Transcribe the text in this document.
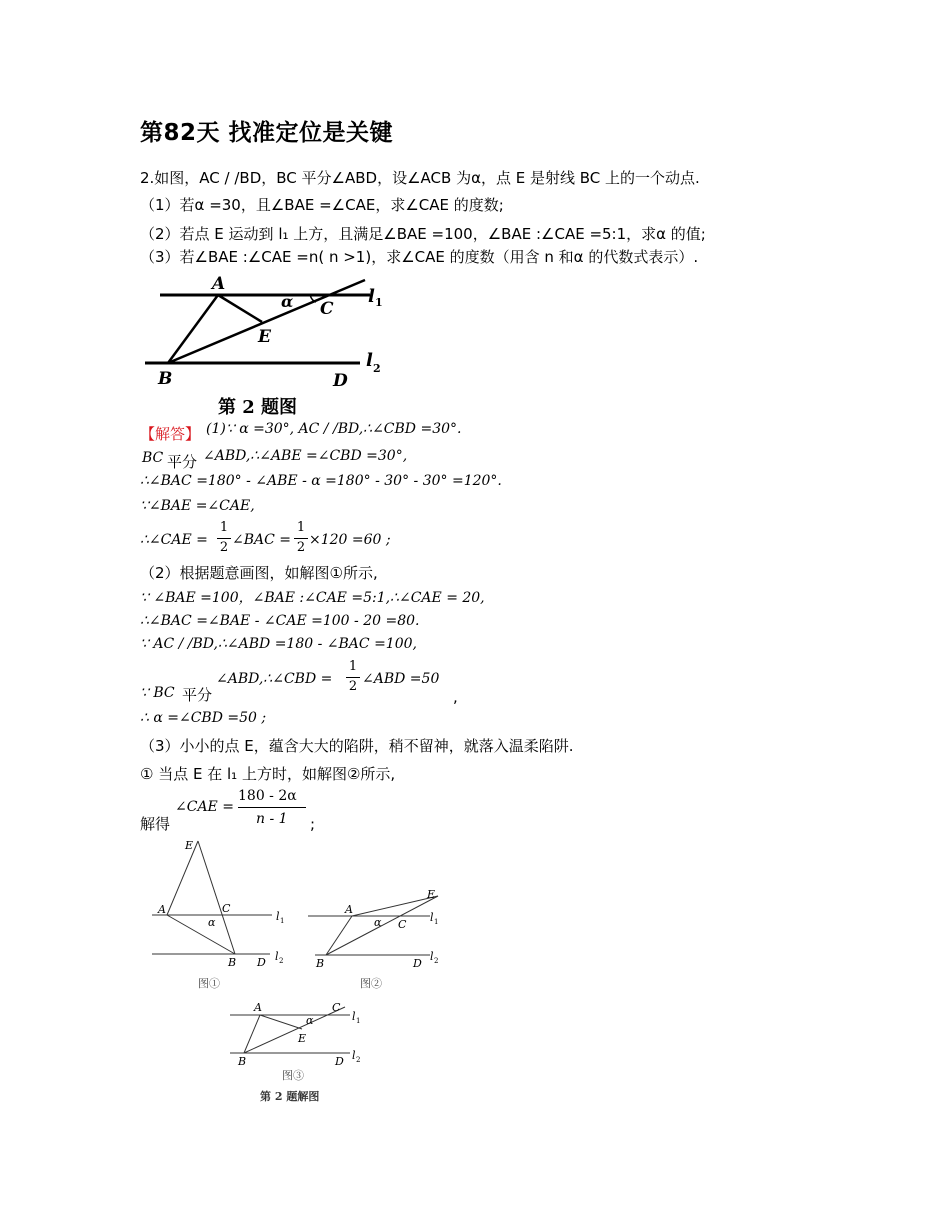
第82天 找准定位是关键
2.如图，AC / /BD，BC 平分∠ABD，设∠ACB 为α，点 E 是射线 BC 上的一个动点.
（1）若α =30，且∠BAE =∠CAE，求∠CAE 的度数;
（2）若点 E 运动到 l₁ 上方，且满足∠BAE =100，∠BAE :∠CAE =5:1，求α 的值;
（3）若∠BAE :∠CAE =n( n >1)，求∠CAE 的度数（用含 n 和α 的代数式表示）.
A
C
E
B	D
α	l 1
l 2
第 2 题图
【解答】 (1)∵ α =30°, AC / /BD,∴∠CBD =30°.
BC 平分 ∠ABD,∴∠ABE =∠CBD =30°,
∴∠BAC =180° - ∠ABE - α =180° - 30° - 30° =120°.
∵∠BAE =∠CAE,
∴∠CAE =
1
2 ∠BAC =
1
2 ×120 =60 ;
（2）根据题意画图，如解图①所示,
∵ ∠BAE =100，∠BAE :∠CAE =5:1,∴∠CAE = 20,
∴∠BAC =∠BAE - ∠CAE =100 - 20 =80.
∵ AC / /BD,∴∠ABD =180 - ∠BAC =100,
∵ BC 平分
∠ABD,∴∠CBD =
1
2 ∠ABD =50
,
∴ α =∠CBD =50 ;
（3）小小的点 E，蕴含大大的陷阱，稍不留神，就落入温柔陷阱.
① 当点 E 在 l₁ 上方时，如解图②所示,
解得
∠CAE =
180 - 2α
n - 1 ;
E
A	C
α	l 1
B D l 2
图①
E
A
α C
l 1
B	D
l 2
图②
A	C
α
E
l 1
B	D l 2
图③
第 2 题解图
